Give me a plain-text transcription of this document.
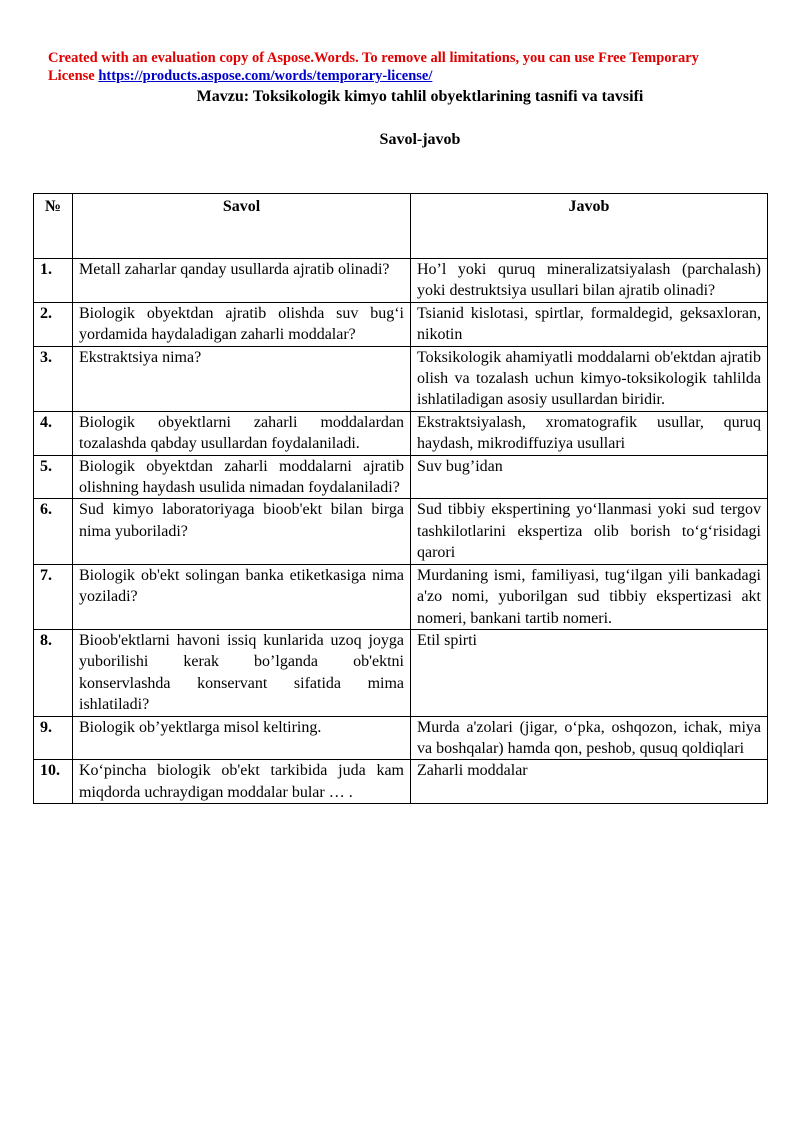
Created with an evaluation copy of Aspose.Words. To remove all limitations, you can use Free Temporary License https://products.aspose.com/words/temporary-license/
Mavzu: Toksikologik kimyo tahlil obyektlarining tasnifi va tavsifi
Savol-javob
№	Savol	Javob
1.	Metall zaharlar qanday usullarda ajratib olinadi?	Ho’l yoki quruq mineralizatsiyalash (parchalash) yoki destruktsiya usullari bilan ajratib olinadi?
2.	Biologik obyektdan ajratib olishda suv bug‘i yordamida haydaladigan zaharli moddalar?	Tsianid kislotasi, spirtlar, formaldegid, geksaxloran, nikotin
3.	Ekstraktsiya nima?	Toksikologik ahamiyatli moddalarni ob'ektdan ajratib olish va tozalash uchun kimyo-toksikologik tahlilda ishlatiladigan asosiy usullardan biridir.
4.	Biologik obyektlarni zaharli moddalardan tozalashda qabday usullardan foydalaniladi.	Ekstraktsiyalash, xromatografik usullar, quruq haydash, mikrodiffuziya usullari
5.	Biologik obyektdan zaharli moddalarni ajratib olishning haydash usulida nimadan foydalaniladi?	Suv bug’idan
6.	Sud kimyo laboratoriyaga bioob'ekt bilan birga nima yuboriladi?	Sud tibbiy ekspertining yo‘llanmasi yoki sud tergov tashkilotlarini ekspertiza olib borish to‘g‘risidagi qarori
7.	Biologik ob'ekt solingan banka etiketkasiga nima yoziladi?	Murdaning ismi, familiyasi, tug‘ilgan yili bankadagi a'zo nomi, yuborilgan sud tibbiy ekspertizasi akt nomeri, bankani tartib nomeri.
8.	Bioob'ektlarni havoni issiq kunlarida uzoq joyga yuborilishi kerak bo’lganda ob'ektni konservlashda konservant sifatida mima ishlatiladi?	Etil spirti
9.	Biologik ob’yektlarga misol keltiring.	Murda a'zolari (jigar, o‘pka, oshqozon, ichak, miya va boshqalar) hamda qon, peshob, qusuq qoldiqlari
10.	Ko‘pincha biologik ob'ekt tarkibida juda kam miqdorda uchraydigan moddalar bular … .	Zaharli moddalar
